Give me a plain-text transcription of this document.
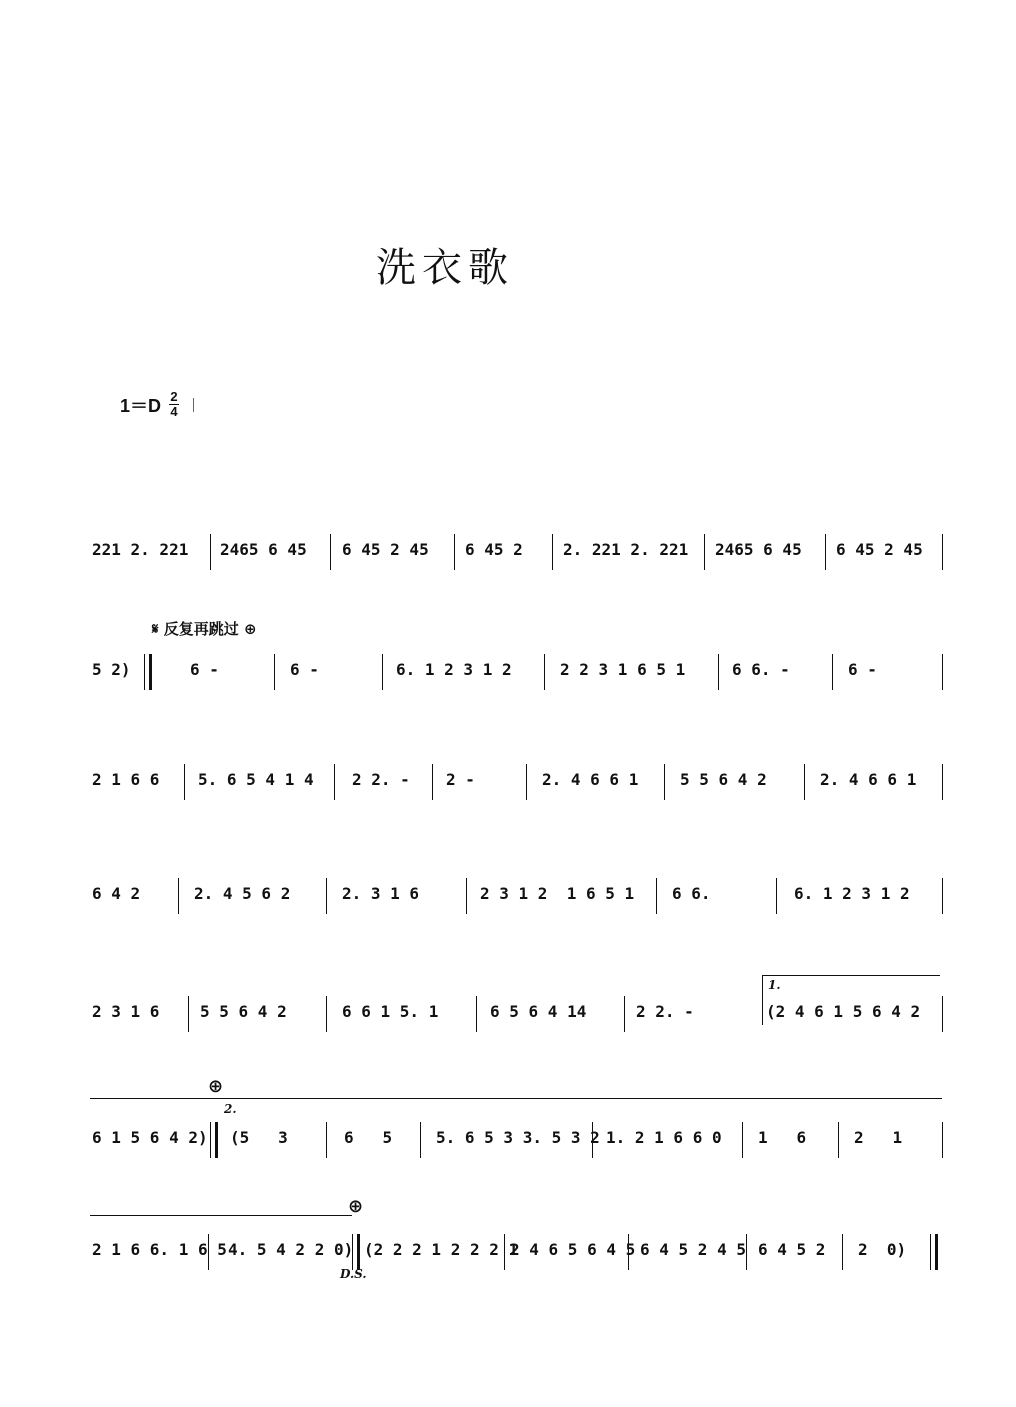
洗衣歌
$1=D \frac{2}{4}$
221 2. 221 2465 6 45 6 45 2 45 6 45 2	2. 221 2. 221 2465 6 45 6 45 2 45
𝄋 反复再跳过 ⊕
5 2)	6 -	6 -	6. 1 2 3 1 2	2 2 3 1 6 5 1	6 6. -	6 -
2 1 6 6 5. 6 5 4 1 4 2 2. - 2 -	2. 4 6 6 1	5 5 6 4 2	2. 4 6 6 1
6 4 2	2. 4 5 6 2	2. 3 1 6	2 3 1 2  1 6 5 1 6 6.	6. 1 2 3 1 2
1.
2 3 1 6	5 5 6 4 2	6 6 1 5. 1	6 5 6 4 14	2 2. -	(2 4 6 1 5 6 4 2
⊕
2.
6 1 5 6 4 2) (5   3	6   5	5. 6 5 3 3. 5 3 2 1. 2 1 6 6 0 1   6	2   1
⊕
2 1 6 6. 1 6 5 4. 5 4 2 2 0) (2 2 2 1 2 2 2 1
2 4 6 5 6 4 5 6 4 5 2 4 5 6 4 5 2 2  0)
D.S.
